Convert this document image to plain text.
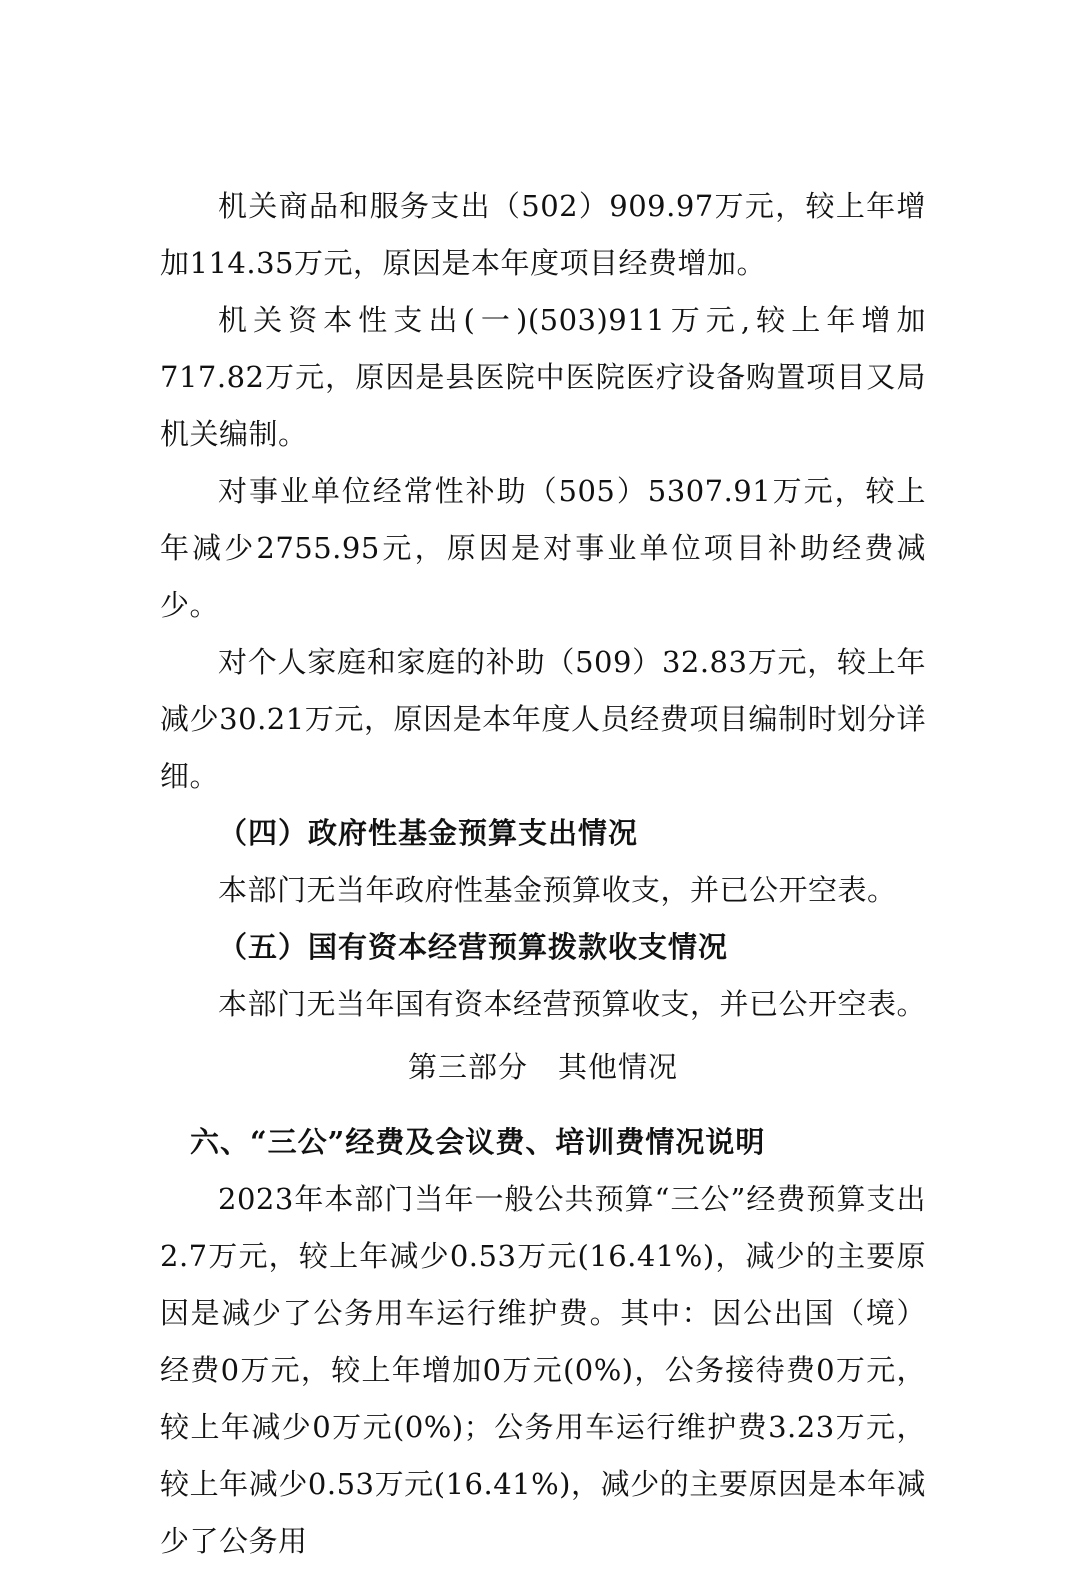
机关商品和服务支出（502）909.97万元，较上年增加114.35万元，原因是本年度项目经费增加。

机关资本性支出(一)(503)911万元,较上年增加717.82万元，原因是县医院中医院医疗设备购置项目又局机关编制。

对事业单位经常性补助（505）5307.91万元，较上年减少2755.95元，原因是对事业单位项目补助经费减少。

对个人家庭和家庭的补助（509）32.83万元，较上年减少30.21万元，原因是本年度人员经费项目编制时划分详细。

（四）政府性基金预算支出情况

本部门无当年政府性基金预算收支，并已公开空表。

（五）国有资本经营预算拨款收支情况

本部门无当年国有资本经营预算收支，并已公开空表。

第三部分　其他情况

六、“三公”经费及会议费、培训费情况说明

2023年本部门当年一般公共预算“三公”经费预算支出2.7万元，较上年减少0.53万元(16.41%)，减少的主要原因是减少了公务用车运行维护费。其中：因公出国（境）经费0万元，较上年增加0万元(0%)，公务接待费0万元，较上年减少0万元(0%)；公务用车运行维护费3.23万元，较上年减少0.53万元(16.41%)，减少的主要原因是本年减少了公务用
